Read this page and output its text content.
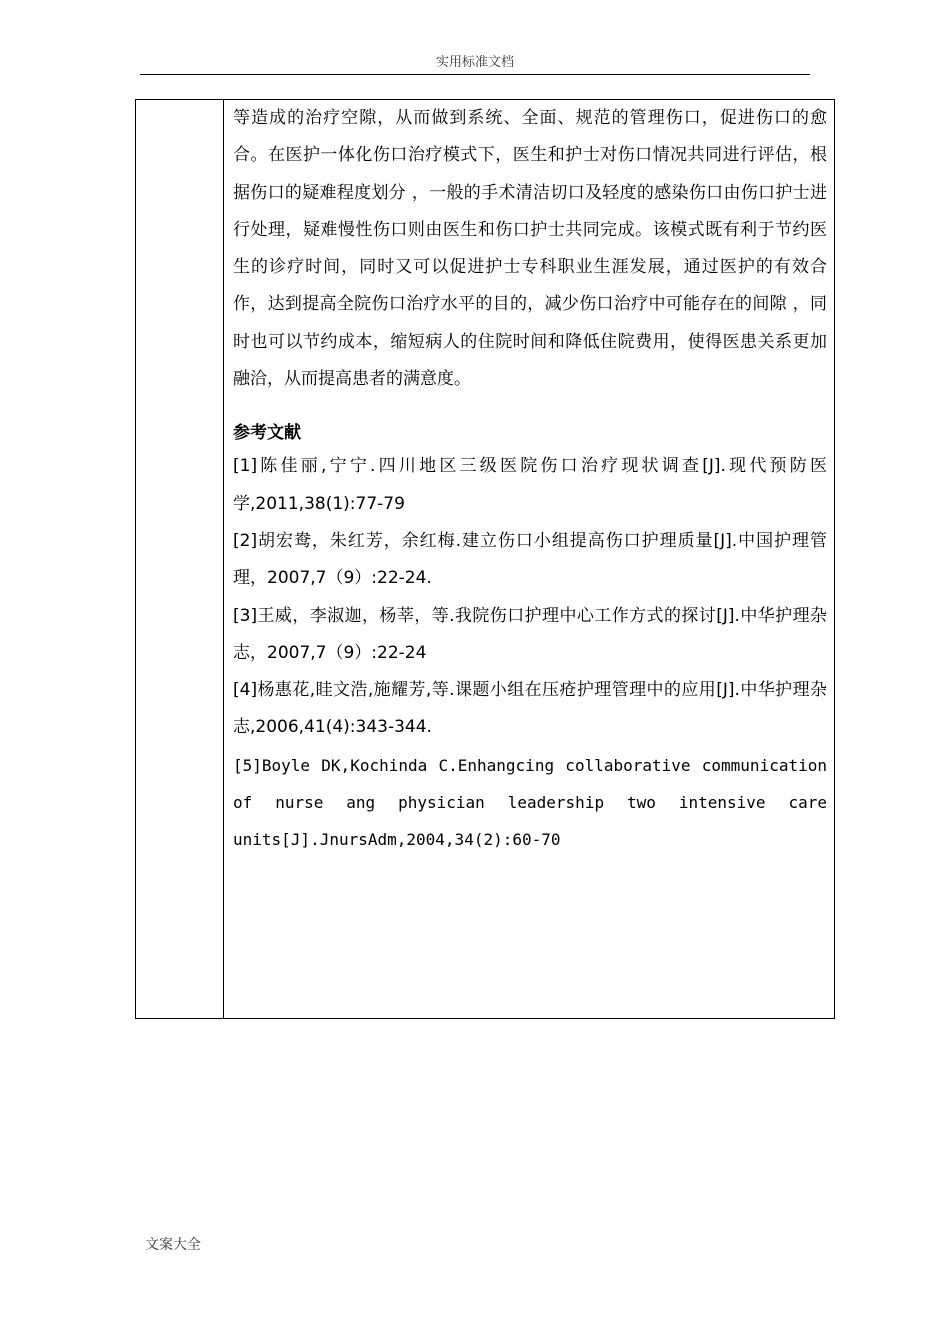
实用标准文档

等造成的治疗空隙，从而做到系统、全面、规范的管理伤口，促进伤口的愈合。在医护一体化伤口治疗模式下，医生和护士对伤口情况共同进行评估，根据伤口的疑难程度划分 ，一般的手术清洁切口及轻度的感染伤口由伤口护士进行处理，疑难慢性伤口则由医生和伤口护士共同完成。该模式既有利于节约医生的诊疗时间，同时又可以促进护士专科职业生涯发展，通过医护的有效合作，达到提高全院伤口治疗水平的目的，减少伤口治疗中可能存在的间隙 ，同时也可以节约成本，缩短病人的住院时间和降低住院费用，使得医患关系更加融洽，从而提高患者的满意度。

参考文献

[1]陈佳丽,宁宁.四川地区三级医院伤口治疗现状调查[J].现代预防医学,2011,38(1):77-79

[2]胡宏鸯，朱红芳，余红梅.建立伤口小组提高伤口护理质量[J].中国护理管理，2007,7（9）:22-24.

[3]王威，李淑迦，杨莘，等.我院伤口护理中心工作方式的探讨[J].中华护理杂志，2007,7（9）:22-24

[4]杨惠花,眭文浩,施耀芳,等.课题小组在压疮护理管理中的应用[J].中华护理杂志,2006,41(4):343-344.

[5]Boyle DK,Kochinda C.Enhangcing collaborative communication of nurse ang physician leadership two intensive care units[J].JnursAdm,2004,34(2):60-70

文案大全
